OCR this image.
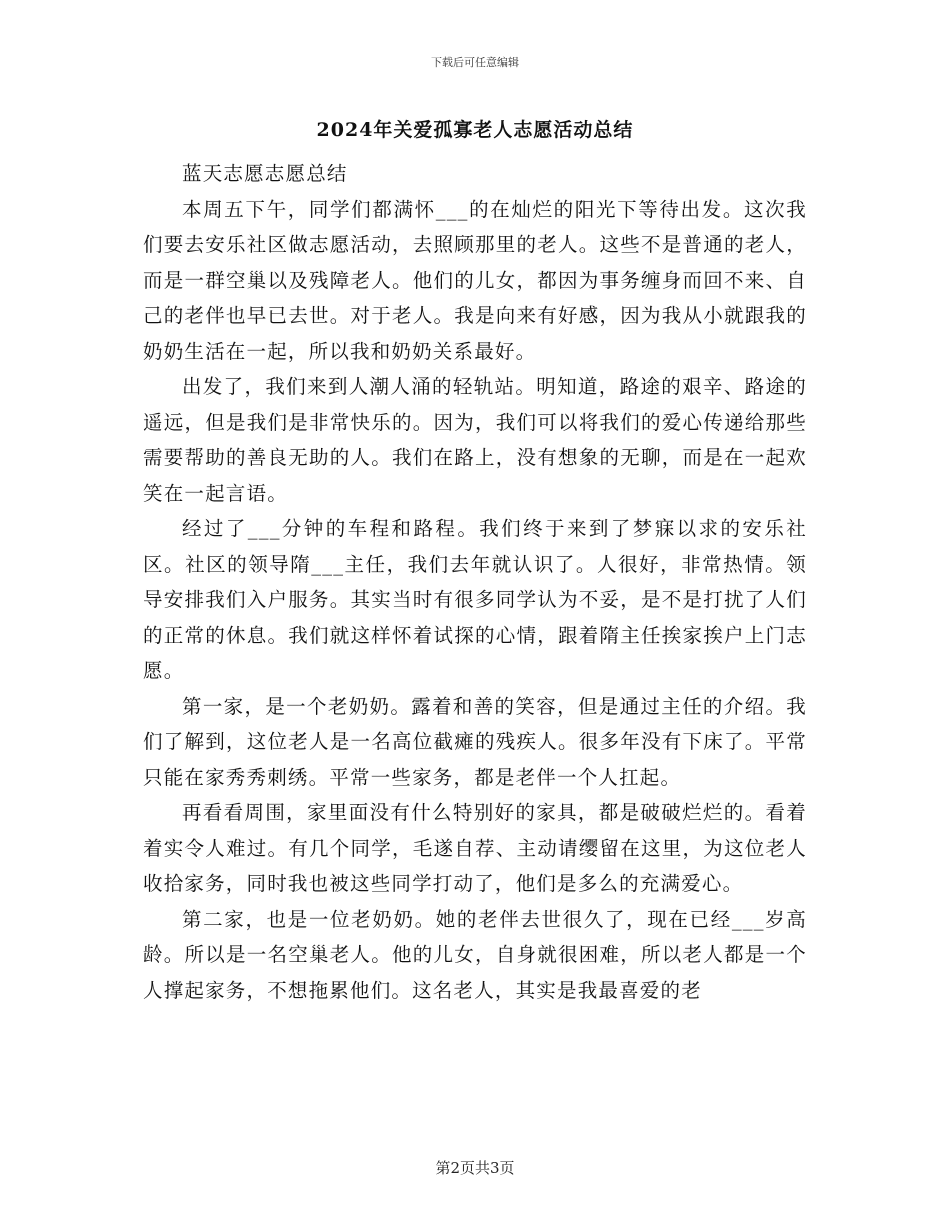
下载后可任意编辑
2024年关爱孤寡老人志愿活动总结

蓝天志愿志愿总结

本周五下午，同学们都满怀___的在灿烂的阳光下等待出发。这次我们要去安乐社区做志愿活动，去照顾那里的老人。这些不是普通的老人，而是一群空巢以及残障老人。他们的儿女，都因为事务缠身而回不来、自己的老伴也早已去世。对于老人。我是向来有好感，因为我从小就跟我的奶奶生活在一起，所以我和奶奶关系最好。

出发了，我们来到人潮人涌的轻轨站。明知道，路途的艰辛、路途的遥远，但是我们是非常快乐的。因为，我们可以将我们的爱心传递给那些需要帮助的善良无助的人。我们在路上，没有想象的无聊，而是在一起欢笑在一起言语。

经过了___分钟的车程和路程。我们终于来到了梦寐以求的安乐社区。社区的领导隋___主任，我们去年就认识了。人很好，非常热情。领导安排我们入户服务。其实当时有很多同学认为不妥，是不是打扰了人们的正常的休息。我们就这样怀着试探的心情，跟着隋主任挨家挨户上门志愿。

第一家，是一个老奶奶。露着和善的笑容，但是通过主任的介绍。我们了解到，这位老人是一名高位截瘫的残疾人。很多年没有下床了。平常只能在家秀秀刺绣。平常一些家务，都是老伴一个人扛起。

再看看周围，家里面没有什么特别好的家具，都是破破烂烂的。看着着实令人难过。有几个同学，毛遂自荐、主动请缨留在这里，为这位老人收拾家务，同时我也被这些同学打动了，他们是多么的充满爱心。

第二家，也是一位老奶奶。她的老伴去世很久了，现在已经___岁高龄。所以是一名空巢老人。他的儿女，自身就很困难，所以老人都是一个人撑起家务，不想拖累他们。这名老人，其实是我最喜爱的老

第2页共3页
